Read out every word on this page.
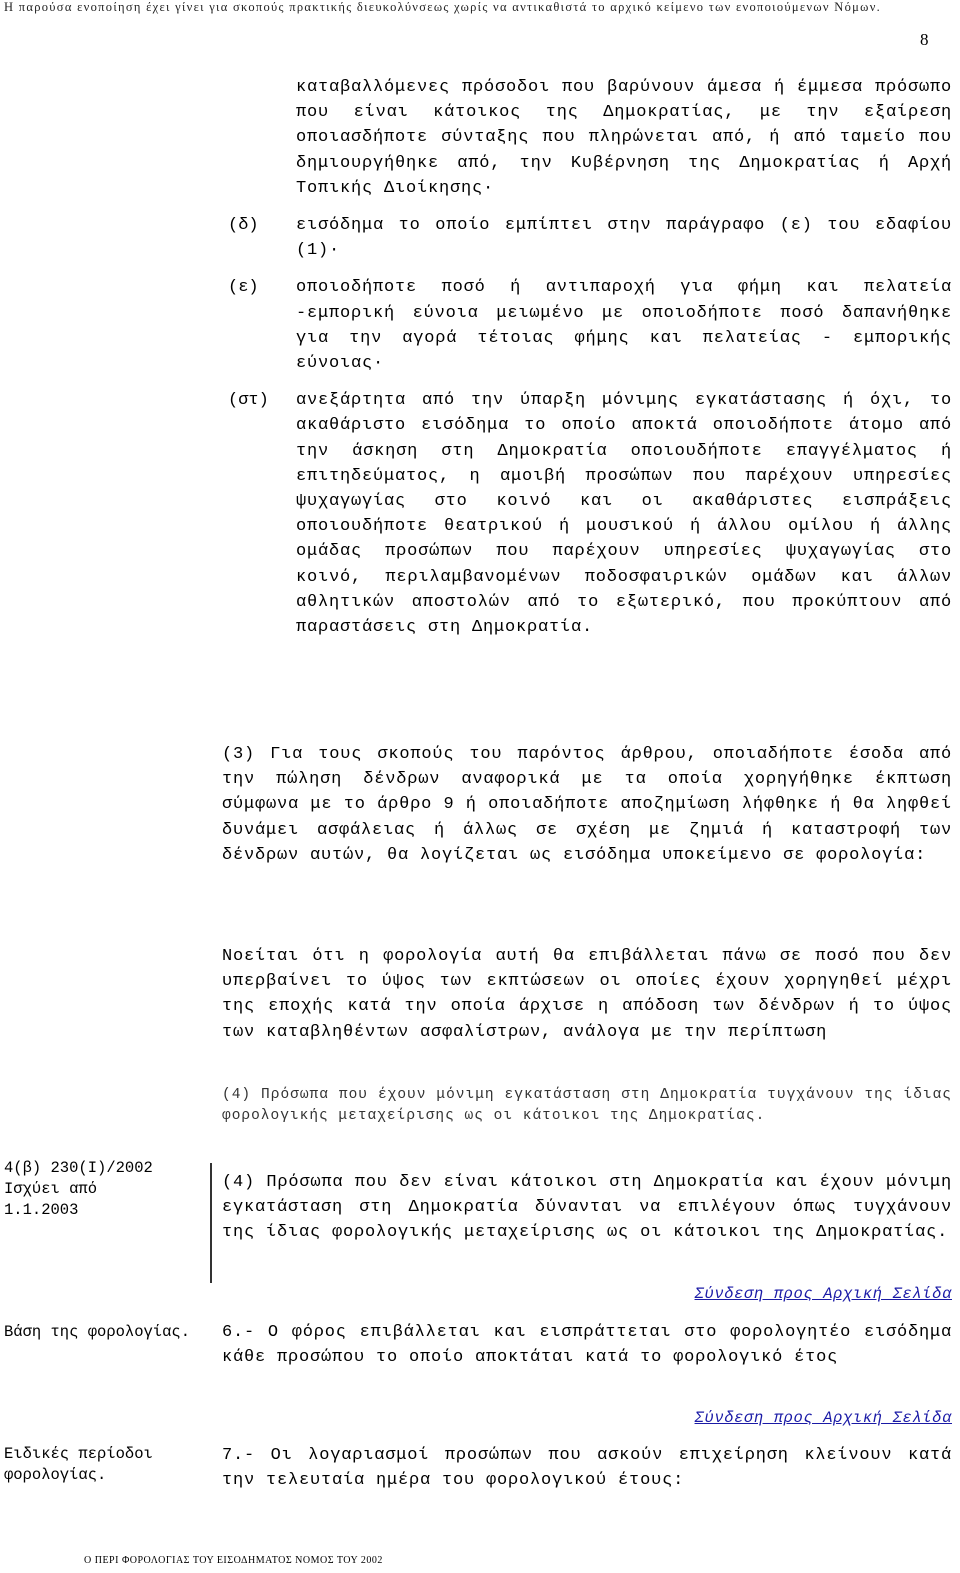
Η παρούσα ενοποίηση έχει γίνει για σκοπούς πρακτικής διευκολύνσεως χωρίς να αντικαθιστά το αρχικό κείμενο των ενοποιούμενων Νόμων.
8

καταβαλλόμενες πρόσοδοι που βαρύνουν άμεσα ή έμμεσα πρόσωπο που είναι κάτοικος της Δημοκρατίας, με την εξαίρεση οποιασδήποτε σύνταξης που πληρώνεται από, ή από ταμείο που δημιουργήθηκε από, την Κυβέρνηση της Δημοκρατίας ή Αρχή Τοπικής Διοίκησης·

(δ)	εισόδημα το οποίο εμπίπτει στην παράγραφο (ε) του εδαφίου (1)·

(ε)	οποιοδήποτε ποσό ή αντιπαροχή για φήμη και πελατεία -εμπορική εύνοια μειωμένο με οποιοδήποτε ποσό δαπανήθηκε για την αγορά τέτοιας φήμης και πελατείας - εμπορικής εύνοιας·

(στ)	ανεξάρτητα από την ύπαρξη μόνιμης εγκατάστασης ή όχι, το ακαθάριστο εισόδημα το οποίο αποκτά οποιοδήποτε άτομο από την άσκηση στη Δημοκρατία οποιουδήποτε επαγγέλματος ή επιτηδεύματος, η αμοιβή προσώπων που παρέχουν υπηρεσίες ψυχαγωγίας στο κοινό και οι ακαθάριστες εισπράξεις οποιουδήποτε θεατρικού ή μουσικού ή άλλου ομίλου ή άλλης ομάδας προσώπων που παρέχουν υπηρεσίες ψυχαγωγίας στο κοινό, περιλαμβανομένων ποδοσφαιρικών ομάδων και άλλων αθλητικών αποστολών από το εξωτερικό, που προκύπτουν από παραστάσεις στη Δημοκρατία.

(3) Για τους σκοπούς του παρόντος άρθρου, οποιαδήποτε έσοδα από την πώληση δένδρων αναφορικά με τα οποία χορηγήθηκε έκπτωση σύμφωνα με το άρθρο 9 ή οποιαδήποτε αποζημίωση λήφθηκε ή θα ληφθεί δυνάμει ασφάλειας ή άλλως σε σχέση με ζημιά ή καταστροφή των δένδρων αυτών, θα λογίζεται ως εισόδημα υποκείμενο σε φορολογία:

Νοείται ότι η φορολογία αυτή θα επιβάλλεται πάνω σε ποσό που δεν υπερβαίνει το ύψος των εκπτώσεων οι οποίες έχουν χορηγηθεί μέχρι της εποχής κατά την οποία άρχισε η απόδοση των δένδρων ή το ύψος των καταβληθέντων ασφαλίστρων, ανάλογα με την περίπτωση

(4) Πρόσωπα που έχουν μόνιμη εγκατάσταση στη Δημοκρατία τυγχάνουν της ίδιας φορολογικής μεταχείρισης ως οι κάτοικοι της Δημοκρατίας.
4(β) 230(Ι)/2002
Ισχύει από
1.1.2003

(4) Πρόσωπα που δεν είναι κάτοικοι στη Δημοκρατία και έχουν μόνιμη εγκατάσταση στη Δημοκρατία δύνανται να επιλέγουν όπως τυγχάνουν της ίδιας φορολογικής μεταχείρισης ως οι κάτοικοι της Δημοκρατίας.

Σύνδεση προς Αρχική Σελίδα
Βάση της φορολογίας.	6.- Ο φόρος επιβάλλεται και εισπράττεται στο φορολογητέο εισόδημα κάθε προσώπου το οποίο αποκτάται κατά το φορολογικό έτος

Σύνδεση προς Αρχική Σελίδα
Ειδικές περίοδοι φορολογίας.

7.- Οι λογαριασμοί προσώπων που ασκούν επιχείρηση κλείνουν κατά την τελευταία ημέρα του φορολογικού έτους:

Ο ΠΕΡΙ ΦΟΡΟΛΟΓΙΑΣ ΤΟΥ ΕΙΣΟΔΗΜΑΤΟΣ ΝΟΜΟΣ ΤΟΥ 2002
